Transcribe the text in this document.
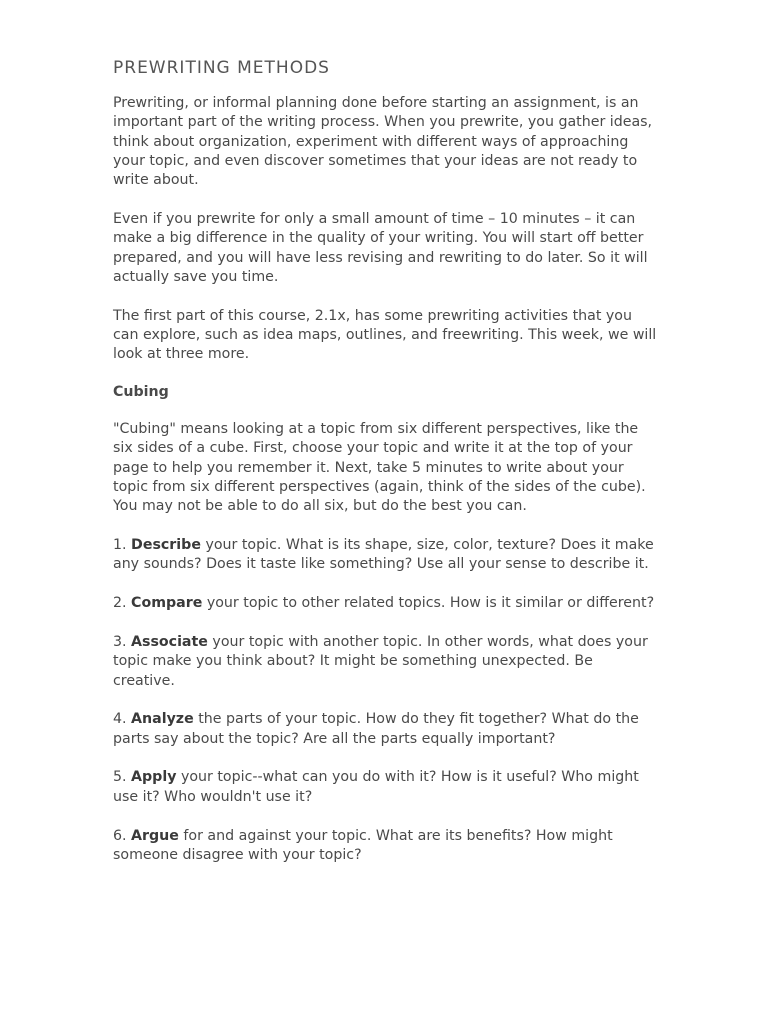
PREWRITING METHODS

Prewriting, or informal planning done before starting an assignment, is an important part of the writing process. When you prewrite, you gather ideas, think about organization, experiment with different ways of approaching your topic, and even discover sometimes that your ideas are not ready to write about.

Even if you prewrite for only a small amount of time – 10 minutes – it can make a big difference in the quality of your writing. You will start off better prepared, and you will have less revising and rewriting to do later. So it will actually save you time.

The first part of this course, 2.1x, has some prewriting activities that you can explore, such as idea maps, outlines, and freewriting. This week, we will look at three more.

Cubing

"Cubing" means looking at a topic from six different perspectives, like the six sides of a cube. First, choose your topic and write it at the top of your page to help you remember it. Next, take 5 minutes to write about your topic from six different perspectives (again, think of the sides of the cube). You may not be able to do all six, but do the best you can.

1. Describe your topic. What is its shape, size, color, texture? Does it make any sounds? Does it taste like something? Use all your sense to describe it.

2. Compare your topic to other related topics. How is it similar or different?

3. Associate your topic with another topic. In other words, what does your topic make you think about? It might be something unexpected. Be creative.

4. Analyze the parts of your topic. How do they fit together? What do the parts say about the topic? Are all the parts equally important?

5. Apply your topic--what can you do with it? How is it useful? Who might use it? Who wouldn't use it?

6. Argue for and against your topic. What are its benefits? How might someone disagree with your topic?
